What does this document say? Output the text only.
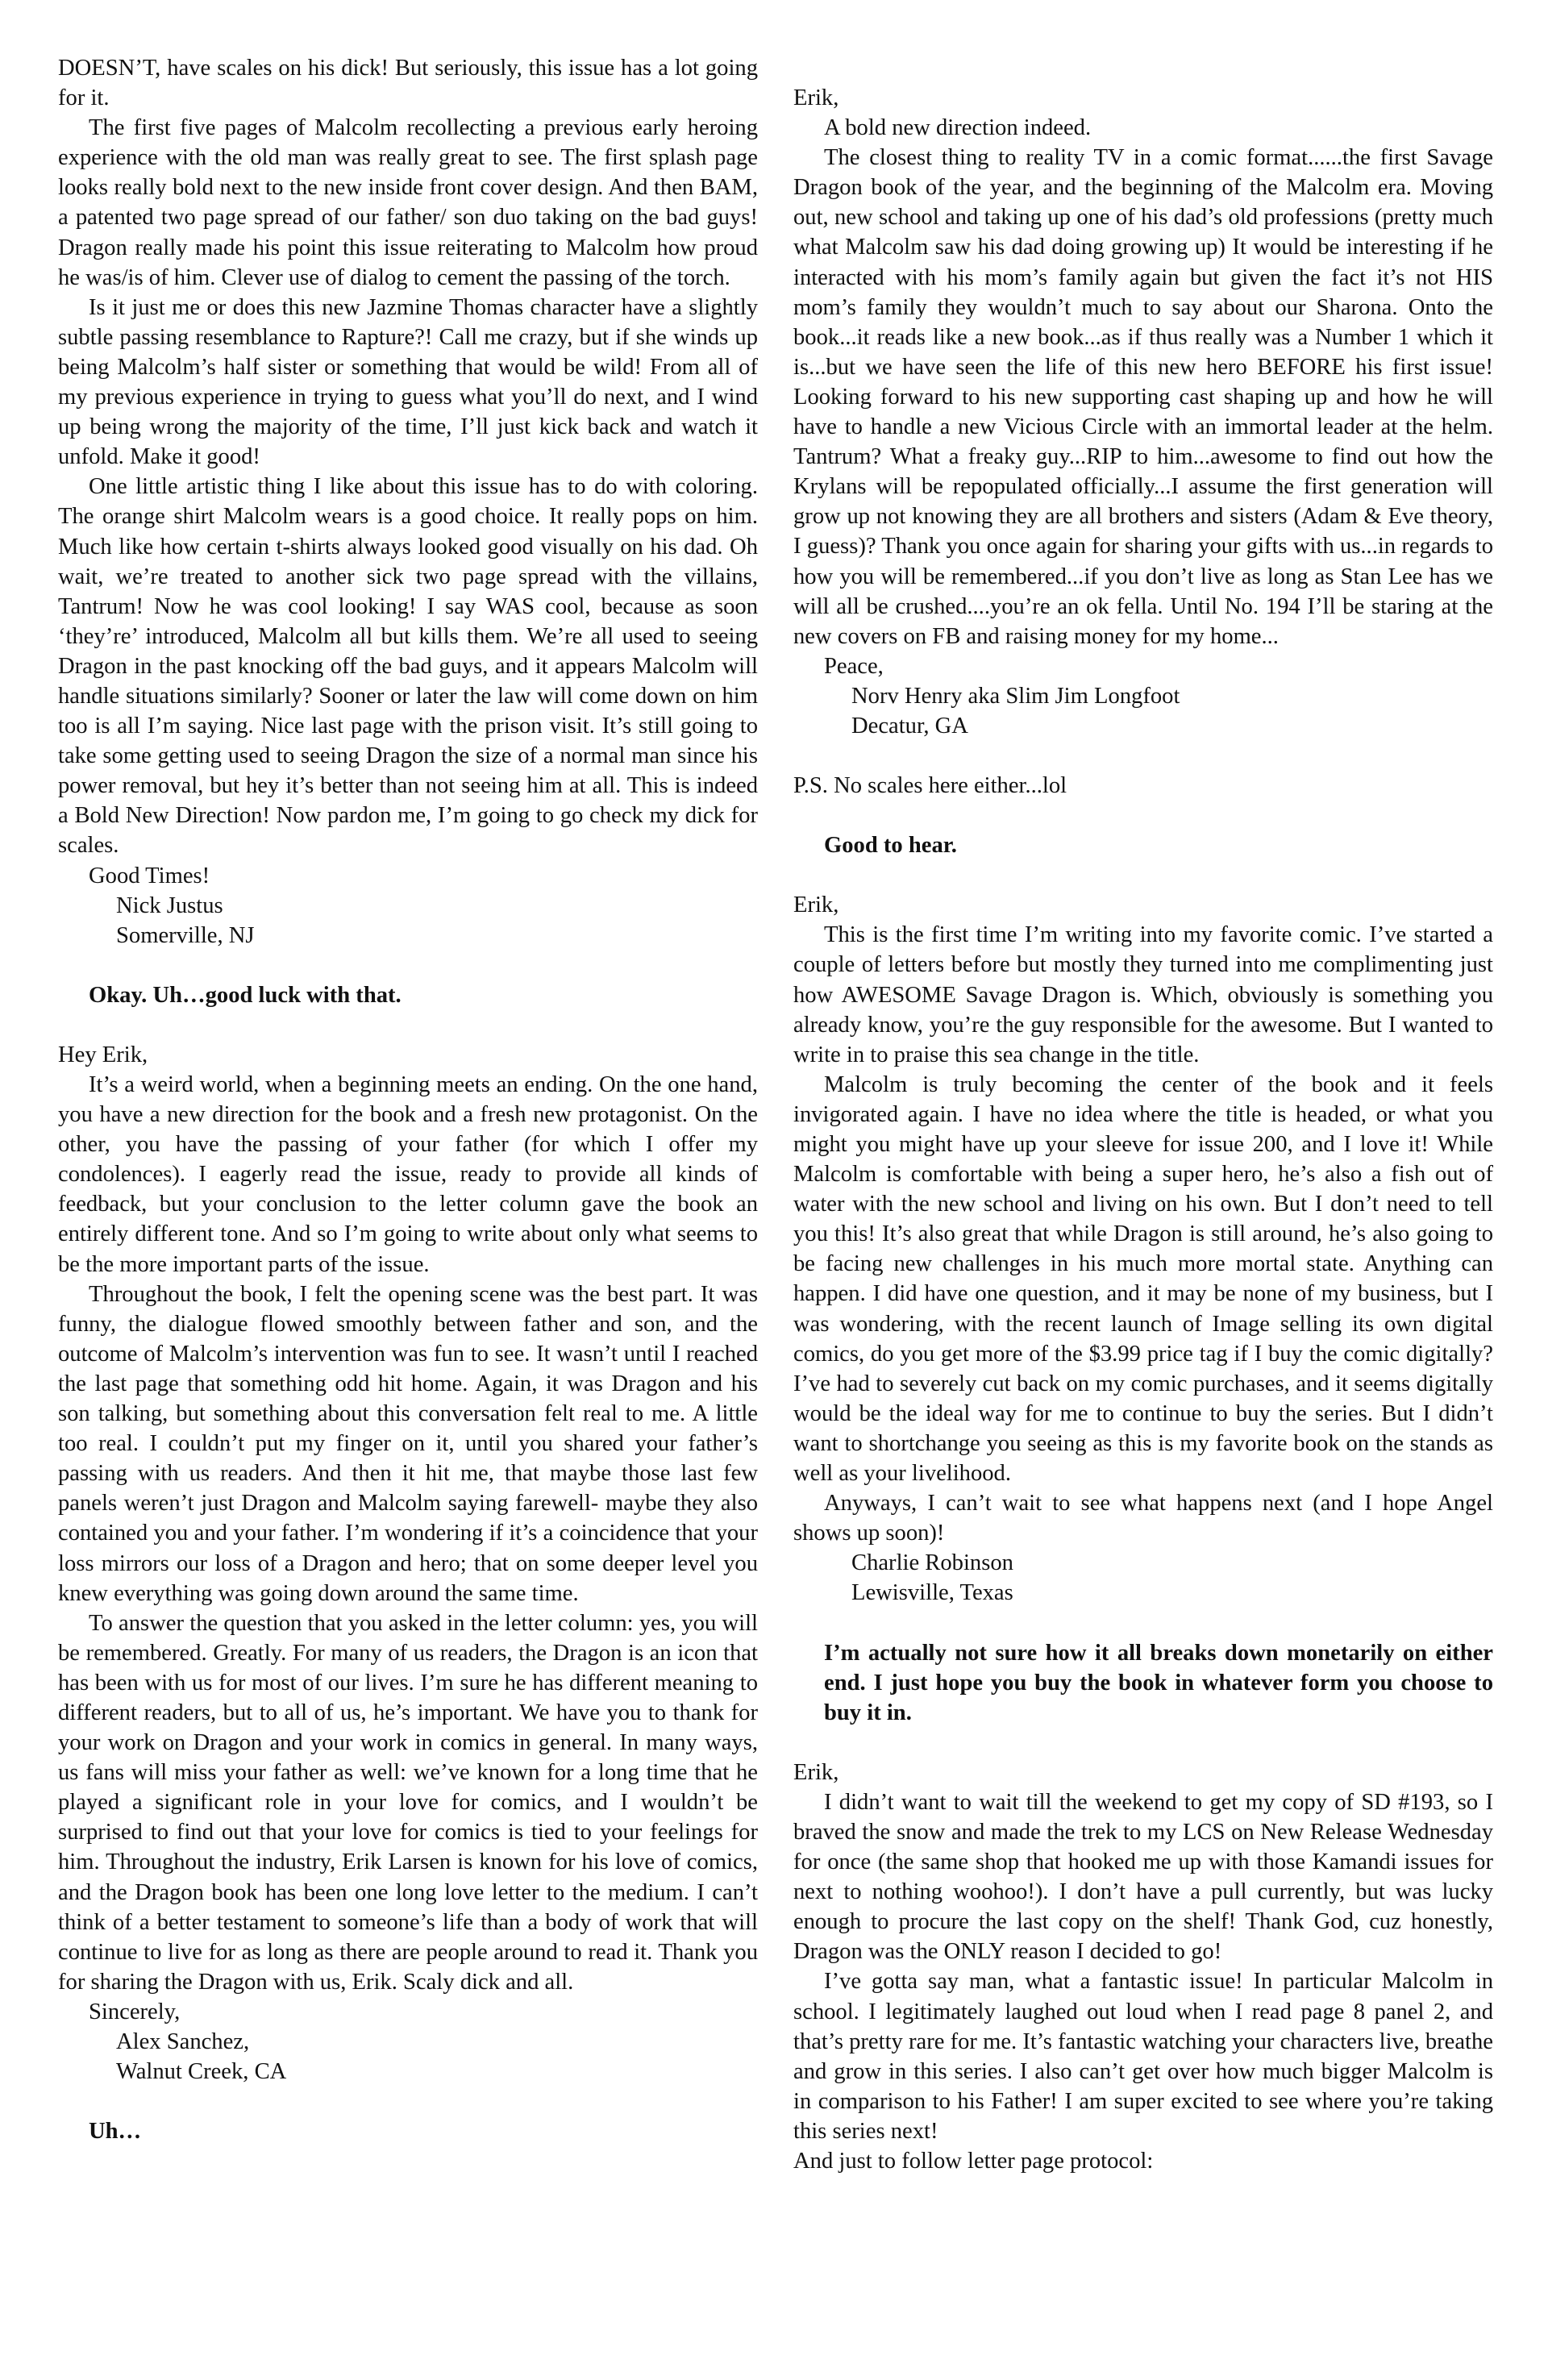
DOESN’T, have scales on his dick! But seriously, this issue has a lot going for it.

The first five pages of Malcolm recollecting a previous early heroing experience with the old man was really great to see. The first splash page looks really bold next to the new inside front cover design. And then BAM, a patented two page spread of our father/ son duo taking on the bad guys! Dragon really made his point this issue reiterating to Malcolm how proud he was/is of him. Clever use of dialog to cement the passing of the torch.

Is it just me or does this new Jazmine Thomas character have a slightly subtle passing resemblance to Rapture?! Call me crazy, but if she winds up being Malcolm’s half sister or something that would be wild! From all of my previous experience in trying to guess what you’ll do next, and I wind up being wrong the majority of the time, I’ll just kick back and watch it unfold. Make it good!

One little artistic thing I like about this issue has to do with coloring. The orange shirt Malcolm wears is a good choice. It really pops on him. Much like how certain t-shirts always looked good visually on his dad. Oh wait, we’re treated to another sick two page spread with the villains, Tantrum! Now he was cool looking! I say WAS cool, because as soon ‘they’re’ introduced, Malcolm all but kills them. We’re all used to seeing Dragon in the past knocking off the bad guys, and it appears Malcolm will handle situations similarly? Sooner or later the law will come down on him too is all I’m saying. Nice last page with the prison visit. It’s still going to take some getting used to seeing Dragon the size of a normal man since his power removal, but hey it’s better than not seeing him at all. This is indeed a Bold New Direction! Now pardon me, I’m going to go check my dick for scales.

Good Times!

Nick Justus

Somerville, NJ

Okay. Uh…good luck with that.

Hey Erik,

It’s a weird world, when a beginning meets an ending. On the one hand, you have a new direction for the book and a fresh new protagonist. On the other, you have the passing of your father (for which I offer my condolences). I eagerly read the issue, ready to provide all kinds of feedback, but your conclusion to the letter column gave the book an entirely different tone. And so I’m going to write about only what seems to be the more important parts of the issue.

Throughout the book, I felt the opening scene was the best part. It was funny, the dialogue flowed smoothly between father and son, and the outcome of Malcolm’s intervention was fun to see. It wasn’t until I reached the last page that something odd hit home. Again, it was Dragon and his son talking, but something about this conversation felt real to me. A little too real. I couldn’t put my finger on it, until you shared your father’s passing with us readers. And then it hit me, that maybe those last few panels weren’t just Dragon and Malcolm saying farewell- maybe they also contained you and your father. I’m wondering if it’s a coincidence that your loss mirrors our loss of a Dragon and hero; that on some deeper level you knew everything was going down around the same time.

To answer the question that you asked in the letter column: yes, you will be remembered. Greatly. For many of us readers, the Dragon is an icon that has been with us for most of our lives. I’m sure he has different meaning to different readers, but to all of us, he’s important. We have you to thank for your work on Dragon and your work in comics in general. In many ways, us fans will miss your father as well: we’ve known for a long time that he played a significant role in your love for comics, and I wouldn’t be surprised to find out that your love for comics is tied to your feelings for him. Throughout the industry, Erik Larsen is known for his love of comics, and the Dragon book has been one long love letter to the medium. I can’t think of a better testament to someone’s life than a body of work that will continue to live for as long as there are people around to read it. Thank you for sharing the Dragon with us, Erik. Scaly dick and all.

Sincerely,

Alex Sanchez,

Walnut Creek, CA

Uh…

Erik,

A bold new direction indeed.

The closest thing to reality TV in a comic format......the first Savage Dragon book of the year, and the beginning of the Malcolm era. Moving out, new school and taking up one of his dad’s old professions (pretty much what Malcolm saw his dad doing growing up) It would be interesting if he interacted with his mom’s family again but given the fact it’s not HIS mom’s family they wouldn’t much to say about our Sharona. Onto the book...it reads like a new book...as if thus really was a Number 1 which it is...but we have seen the life of this new hero BEFORE his first issue! Looking forward to his new supporting cast shaping up and how he will have to handle a new Vicious Circle with an immortal leader at the helm. Tantrum? What a freaky guy...RIP to him...awesome to find out how the Krylans will be repopulated officially...I assume the first generation will grow up not knowing they are all brothers and sisters (Adam & Eve theory, I guess)? Thank you once again for sharing your gifts with us...in regards to how you will be remembered...if you don’t live as long as Stan Lee has we will all be crushed....you’re an ok fella. Until No. 194 I’ll be staring at the new covers on FB and raising money for my home...

Peace,

Norv Henry aka Slim Jim Longfoot

Decatur, GA

P.S. No scales here either...lol

Good to hear.

Erik,

This is the first time I’m writing into my favorite comic. I’ve started a couple of letters before but mostly they turned into me complimenting just how AWESOME Savage Dragon is. Which, obviously is something you already know, you’re the guy responsible for the awesome. But I wanted to write in to praise this sea change in the title.

Malcolm is truly becoming the center of the book and it feels invigorated again. I have no idea where the title is headed, or what you might you might have up your sleeve for issue 200, and I love it! While Malcolm is comfortable with being a super hero, he’s also a fish out of water with the new school and living on his own. But I don’t need to tell you this! It’s also great that while Dragon is still around, he’s also going to be facing new challenges in his much more mortal state. Anything can happen. I did have one question, and it may be none of my business, but I was wondering, with the recent launch of Image selling its own digital comics, do you get more of the $3.99 price tag if I buy the comic digitally? I’ve had to severely cut back on my comic purchases, and it seems digitally would be the ideal way for me to continue to buy the series. But I didn’t want to shortchange you seeing as this is my favorite book on the stands as well as your livelihood.

Anyways, I can’t wait to see what happens next (and I hope Angel shows up soon)!

Charlie Robinson

Lewisville, Texas

I’m actually not sure how it all breaks down monetarily on either end. I just hope you buy the book in whatever form you choose to buy it in.

Erik,

I didn’t want to wait till the weekend to get my copy of SD #193, so I braved the snow and made the trek to my LCS on New Release Wednesday for once (the same shop that hooked me up with those Kamandi issues for next to nothing woohoo!). I don’t have a pull currently, but was lucky enough to procure the last copy on the shelf! Thank God, cuz honestly, Dragon was the ONLY reason I decided to go!

I’ve gotta say man, what a fantastic issue! In particular Malcolm in school. I legitimately laughed out loud when I read page 8 panel 2, and that’s pretty rare for me. It’s fantastic watching your characters live, breathe and grow in this series. I also can’t get over how much bigger Malcolm is in comparison to his Father! I am super excited to see where you’re taking this series next!

And just to follow letter page protocol:
